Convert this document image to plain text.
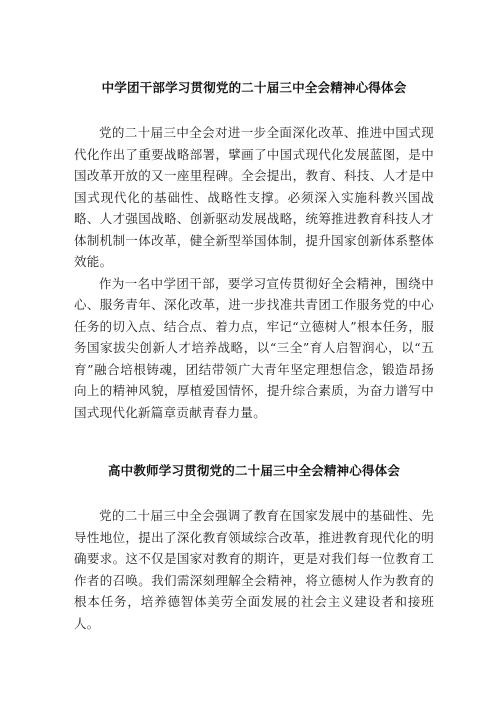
中学团干部学习贯彻党的二十届三中全会精神心得体会

党的二十届三中全会对进一步全面深化改革、推进中国式现代化作出了重要战略部署，擘画了中国式现代化发展蓝图，是中国改革开放的又一座里程碑。全会提出，教育、科技、人才是中国式现代化的基础性、战略性支撑。必须深入实施科教兴国战略、人才强国战略、创新驱动发展战略，统筹推进教育科技人才体制机制一体改革，健全新型举国体制，提升国家创新体系整体效能。

作为一名中学团干部，要学习宣传贯彻好全会精神，围绕中心、服务青年、深化改革，进一步找准共青团工作服务党的中心任务的切入点、结合点、着力点，牢记“立德树人”根本任务，服务国家拔尖创新人才培养战略，以“三全”育人启智润心，以“五育”融合培根铸魂，团结带领广大青年坚定理想信念，锻造昂扬向上的精神风貌，厚植爱国情怀，提升综合素质，为奋力谱写中国式现代化新篇章贡献青春力量。

高中教师学习贯彻党的二十届三中全会精神心得体会

党的二十届三中全会强调了教育在国家发展中的基础性、先导性地位，提出了深化教育领域综合改革，推进教育现代化的明确要求。这不仅是国家对教育的期许，更是对我们每一位教育工作者的召唤。我们需深刻理解全会精神，将立德树人作为教育的根本任务，培养德智体美劳全面发展的社会主义建设者和接班人。
